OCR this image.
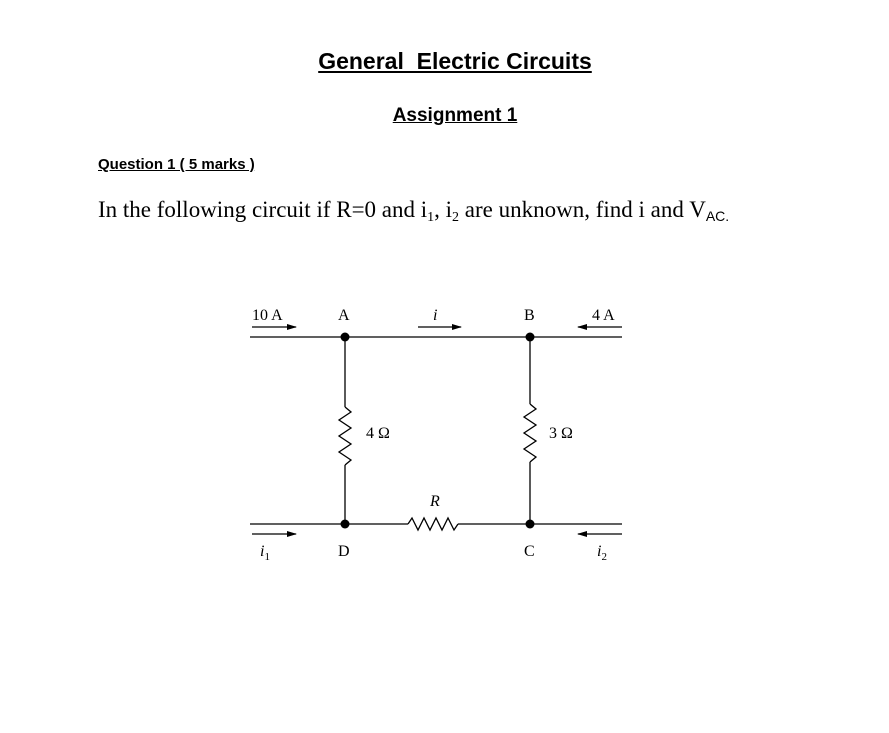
General  Electric Circuits
Assignment 1
Question 1 ( 5 marks )
In the following circuit if R=0 and $i_1$, $i_2$ are unknown, find i and VAC.
10 A	A	i	B	4 A
4 Ω	3 Ω
R
D	C
$i_1$	$i_2$
